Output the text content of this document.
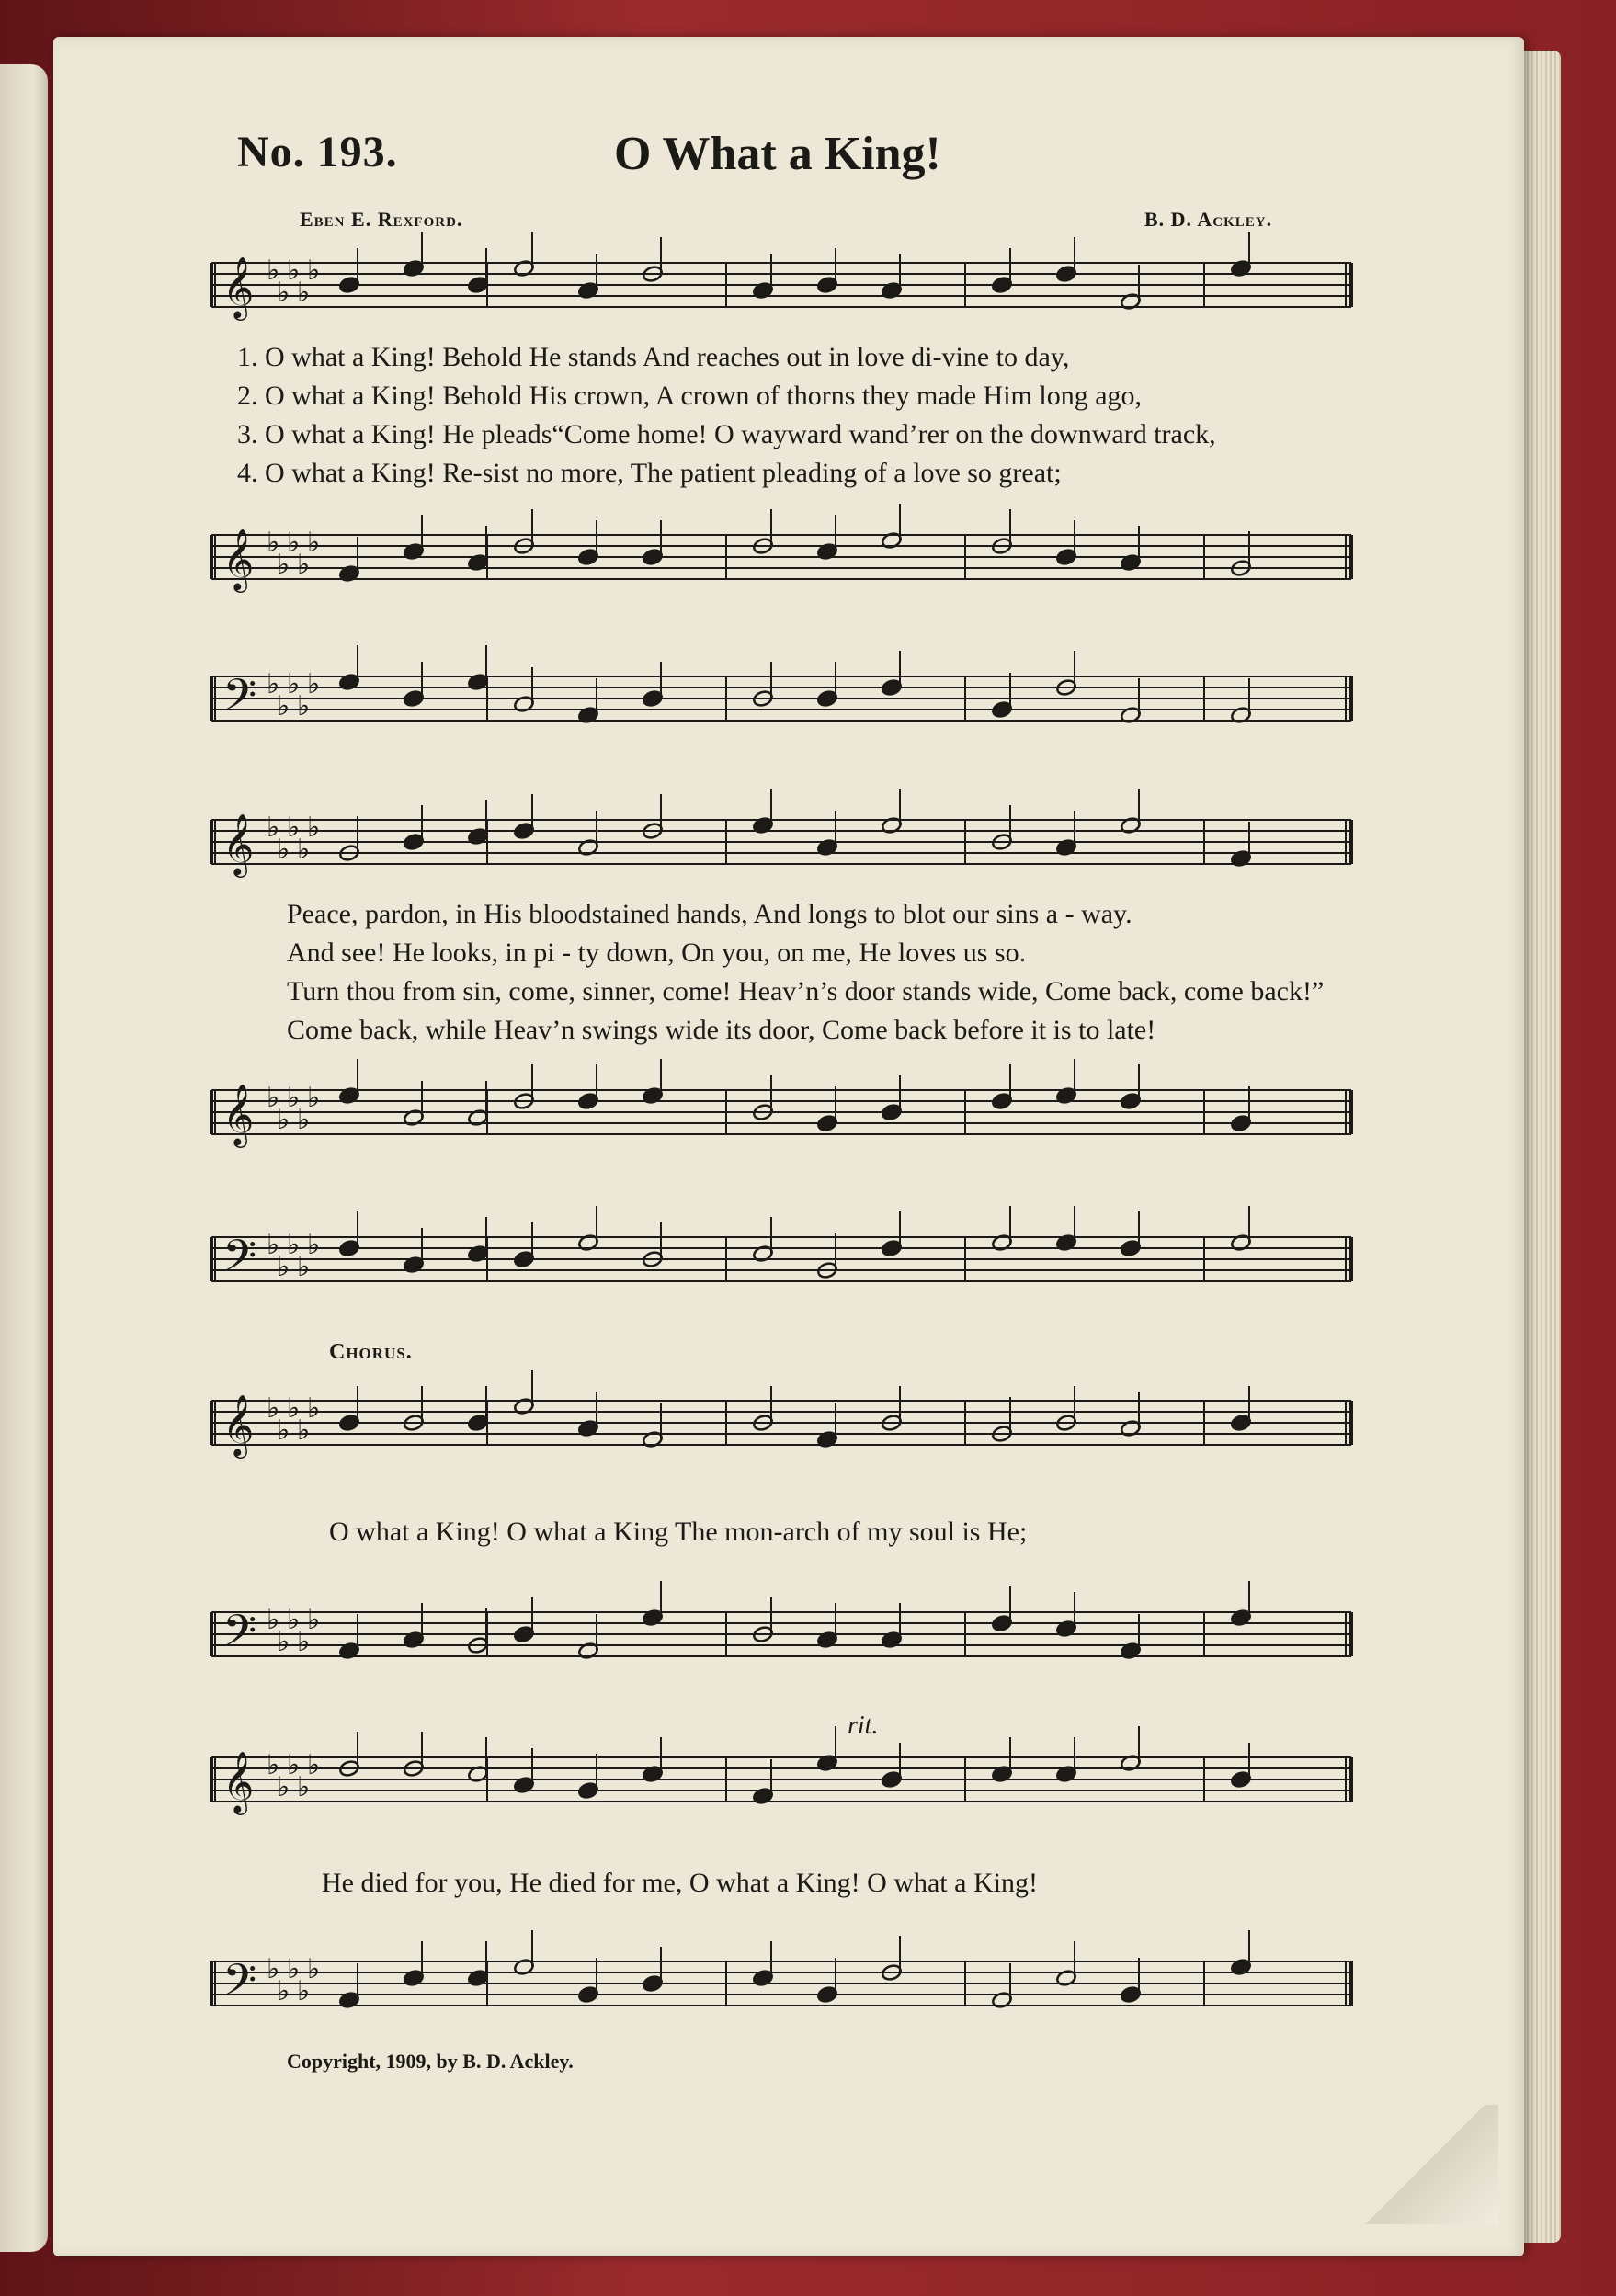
No. 193.	O What a King!
Eben E. Rexford.	B. D. Ackley.
𝄞 ♭
♭
♭
♭
♭
1. O what a King! Behold He stands And reaches out in love di-vine to day,
2. O what a King! Behold His crown, A crown of thorns they made Him long ago,
3. O what a King! He pleads“Come home! O wayward wand’rer on the downward track,
4. O what a King! Re-sist no more, The patient pleading of a love so great;
𝄞 ♭
♭
♭
♭
♭
𝄢 ♭
♭
♭
♭
♭
𝄞 ♭
♭
♭
♭
♭
Peace, pardon, in His bloodstained hands, And longs to blot our sins a - way.
And see! He looks, in pi - ty down, On you, on me, He loves us so.
Turn thou from sin, come, sinner, come! Heav’n’s door stands wide, Come back, come back!”
Come back, while Heav’n swings wide its door, Come back before it is to late!
𝄞 ♭
♭
♭
♭
♭
𝄢 ♭
♭
♭
♭
♭
Chorus.
𝄞 ♭
♭
♭
♭
♭
O what a King! O what a King The mon-arch of my soul is He;
𝄢 ♭
♭
♭
♭
♭
rit.
𝄞 ♭
♭
♭
♭
♭
He died for you, He died for me, O what a King! O what a King!
𝄢 ♭
♭
♭
♭
♭
Copyright, 1909, by B. D. Ackley.
